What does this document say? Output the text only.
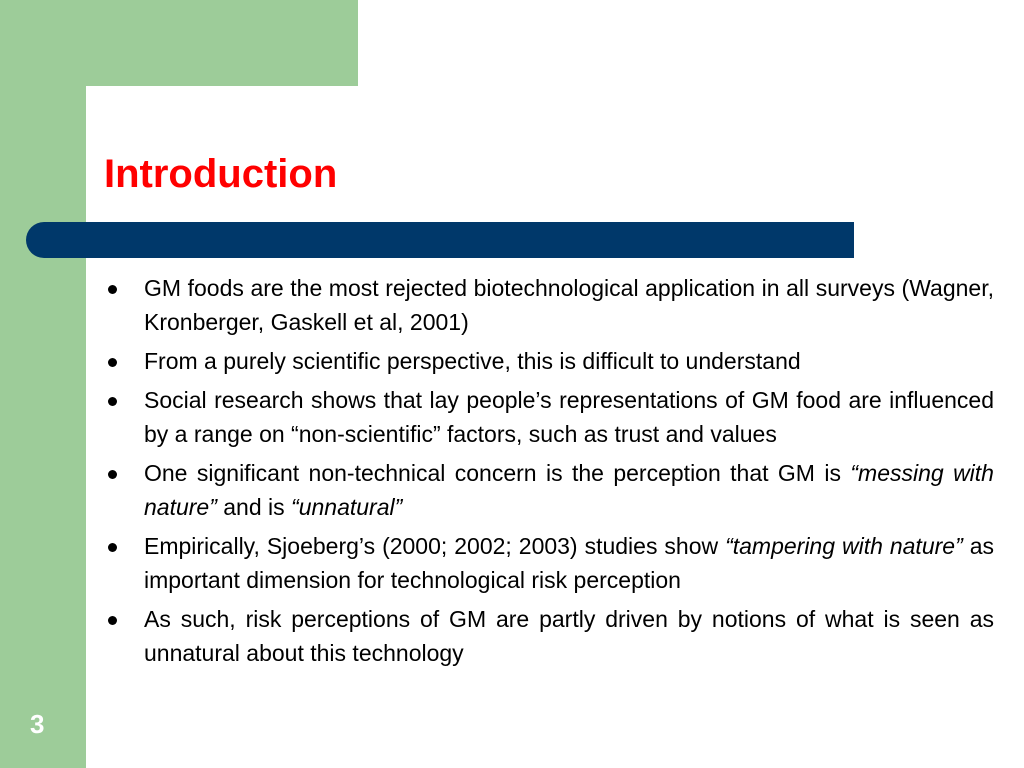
Introduction
GM foods are the most rejected biotechnological application in all surveys (Wagner, Kronberger, Gaskell et al, 2001)
From a purely scientific perspective, this is difficult to understand
Social research shows that lay people’s representations of GM food are influenced by a range on “non-scientific” factors, such as trust and values
One significant non-technical concern is the perception that GM is “messing with nature” and is “unnatural”
Empirically, Sjoeberg’s (2000; 2002; 2003) studies show “tampering with nature” as important dimension for technological risk perception
As such, risk perceptions of GM are partly driven by notions of what is seen as unnatural about this technology
3
